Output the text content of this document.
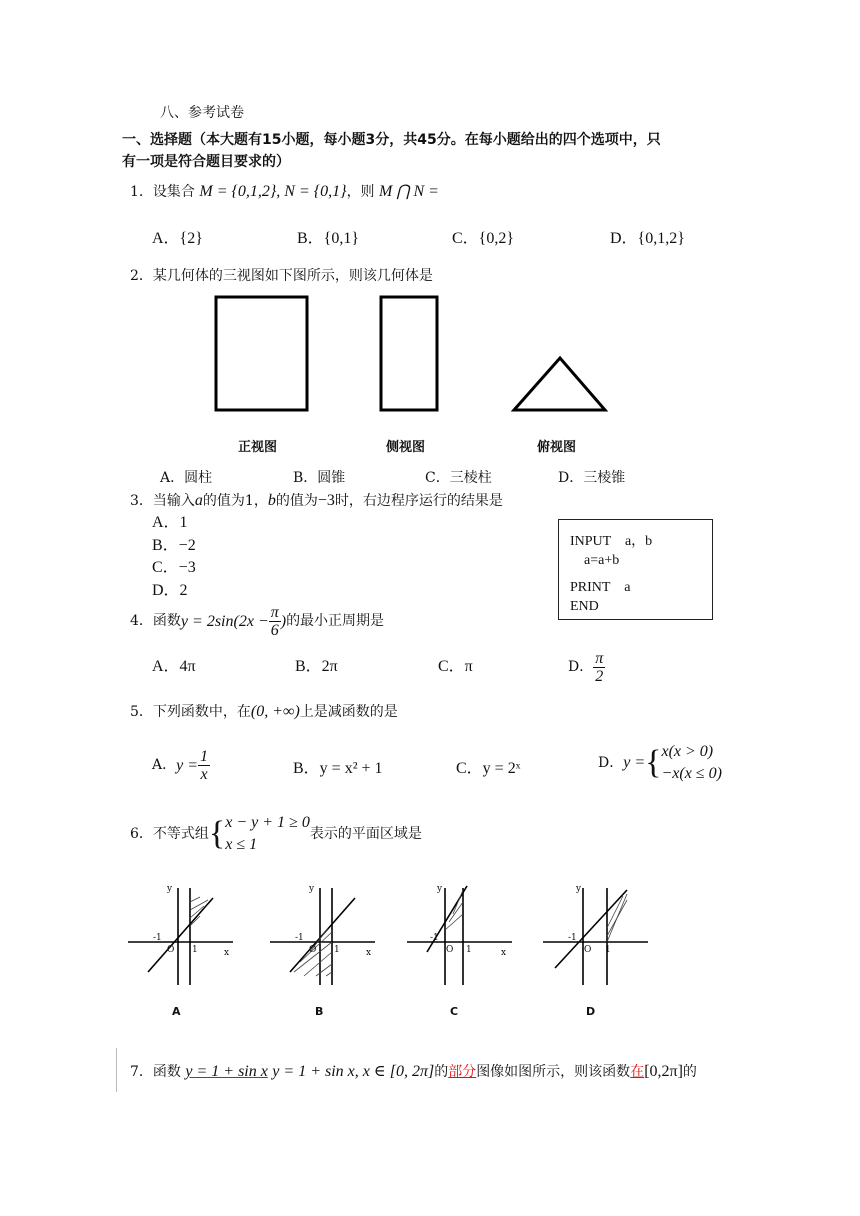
八、参考试卷
一、选择题（本大题有15小题，每小题3分，共45分。在每小题给出的四个选项中，只
有一项是符合题目要求的）
1．设集合 M = {0,1,2}, N = {0,1}，则 M ⋂ N =
A．{2}	B．{0,1}	C．{0,2}	D．{0,1,2}
2．某几何体的三视图如下图所示，则该几何体是
正视图	侧视图	俯视图
A．圆柱	B．圆锥	C．三棱柱	D．三棱锥
3．当输入a的值为1，b的值为−3时，右边程序运行的结果是
A．1
B．−2
C．−3
D．2
INPUT　a，b
a=a+b
PRINT　a
END
4．函数$y = 2\sin(2x - \frac{\pi}{6}$ )的最小正周期是
A．4π	B．2π	C．π	D． $\frac{\pi}{2}$
5．下列函数中，在(0, +∞)上是减函数的是
A．$y = \frac{1}{x}$	B．y = x² + 1	C．y = 2ˣ	D．y ={ x(x > 0)
−x(x ≤ 0)
6．不等式组{ x − y + 1 ≥ 0
x ≤ 1
表示的平面区域是
y
-1
O 1	x
A
y
-1
O 1	x
B
y
-1
O 1	x
C
y
-1
O 1
D
7．函数 y = 1 + sin x y = 1 + sin x, x ∈ [0, 2π]的部分图像如图所示，则该函数在[0,2π]的
